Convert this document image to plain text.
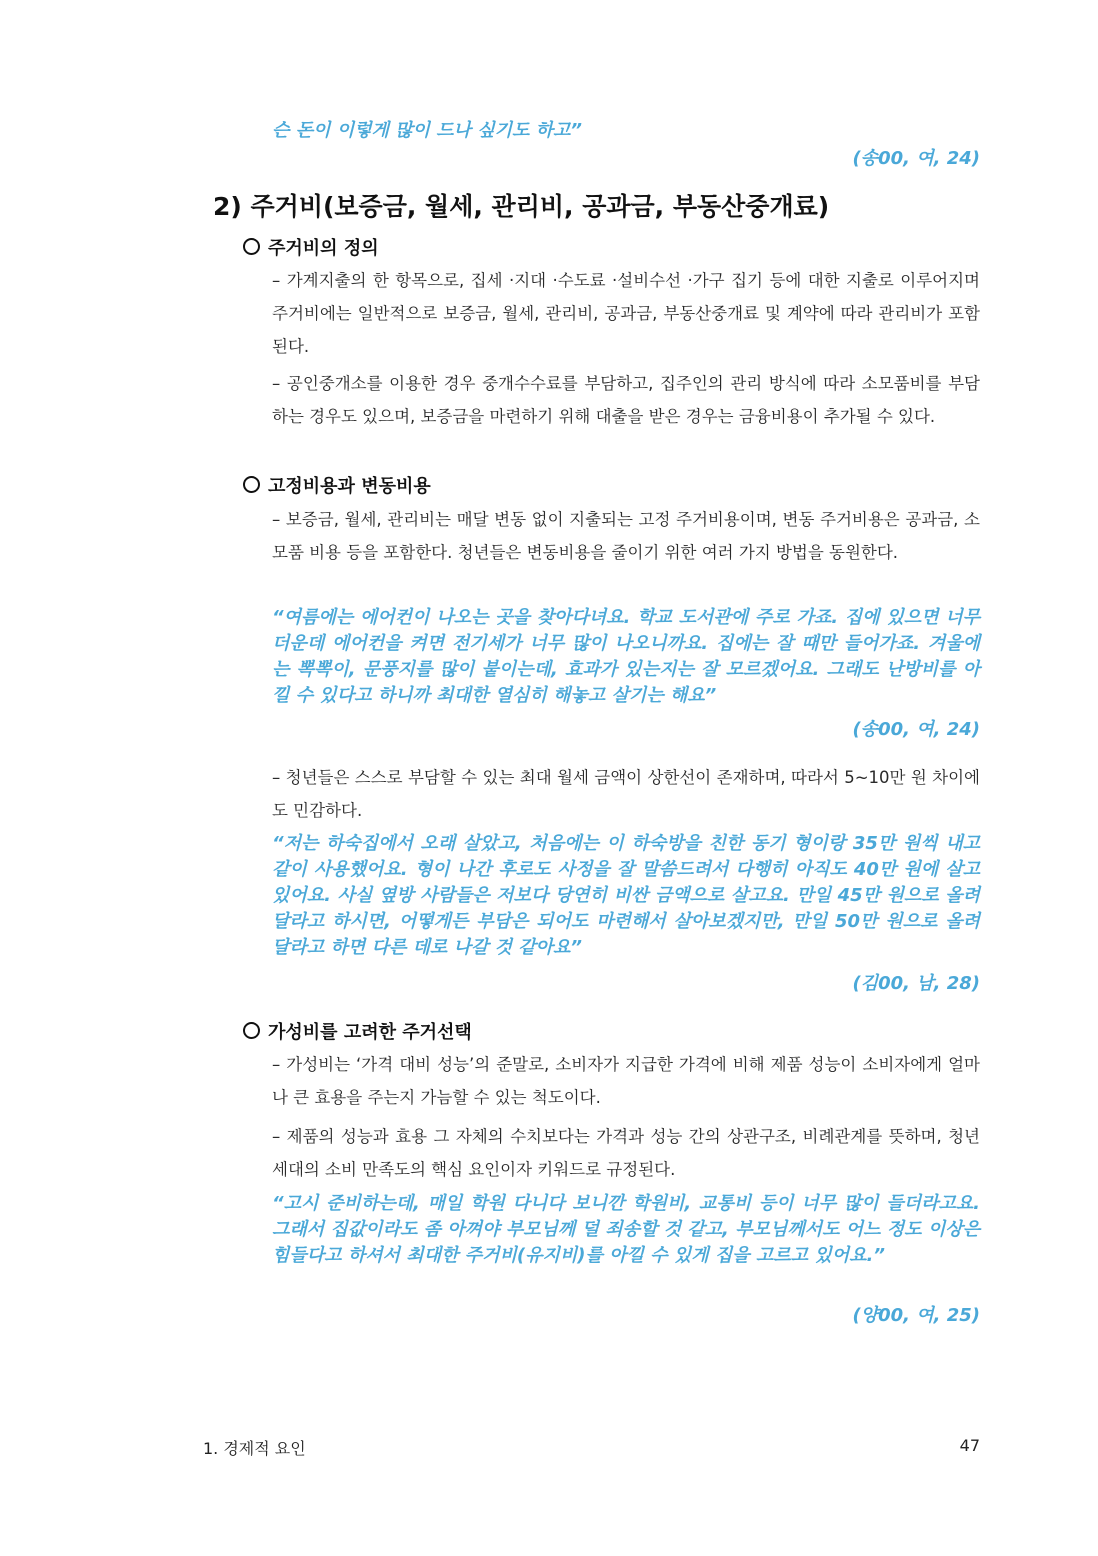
슨 돈이 이렇게 많이 드나 싶기도 하고”
(송00, 여, 24)
2) 주거비(보증금, 월세, 관리비, 공과금, 부동산중개료)
주거비의 정의
– 가계지출의 한 항목으로, 집세 ·지대 ·수도료 ·설비수선 ·가구 집기 등에 대한 지출로 이루어지며 주거비에는 일반적으로 보증금, 월세, 관리비, 공과금, 부동산중개료 및 계약에 따라 관리비가 포함된다.
– 공인중개소를 이용한 경우 중개수수료를 부담하고, 집주인의 관리 방식에 따라 소모품비를 부담하는 경우도 있으며, 보증금을 마련하기 위해 대출을 받은 경우는 금융비용이 추가될 수 있다.
고정비용과 변동비용
– 보증금, 월세, 관리비는 매달 변동 없이 지출되는 고정 주거비용이며, 변동 주거비용은 공과금, 소모품 비용 등을 포함한다. 청년들은 변동비용을 줄이기 위한 여러 가지 방법을 동원한다.
“여름에는 에어컨이 나오는 곳을 찾아다녀요. 학교 도서관에 주로 가죠. 집에 있으면 너무 더운데 에어컨을 켜면 전기세가 너무 많이 나오니까요. 집에는 잘 때만 들어가죠. 겨울에는 뽁뽁이, 문풍지를 많이 붙이는데, 효과가 있는지는 잘 모르겠어요. 그래도 난방비를 아낄 수 있다고 하니까 최대한 열심히 해놓고 살기는 해요”
(송00, 여, 24)
– 청년들은 스스로 부담할 수 있는 최대 월세 금액이 상한선이 존재하며, 따라서 5~10만 원 차이에도 민감하다.
“저는 하숙집에서 오래 살았고, 처음에는 이 하숙방을 친한 동기 형이랑 35만 원씩 내고 같이 사용했어요. 형이 나간 후로도 사정을 잘 말씀드려서 다행히 아직도 40만 원에 살고 있어요. 사실 옆방 사람들은 저보다 당연히 비싼 금액으로 살고요. 만일 45만 원으로 올려달라고 하시면, 어떻게든 부담은 되어도 마련해서 살아보겠지만, 만일 50만 원으로 올려달라고 하면 다른 데로 나갈 것 같아요”
(김00, 남, 28)
가성비를 고려한 주거선택
– 가성비는 ‘가격 대비 성능’의 준말로, 소비자가 지급한 가격에 비해 제품 성능이 소비자에게 얼마나 큰 효용을 주는지 가늠할 수 있는 척도이다.
– 제품의 성능과 효용 그 자체의 수치보다는 가격과 성능 간의 상관구조, 비례관계를 뜻하며, 청년세대의 소비 만족도의 핵심 요인이자 키워드로 규정된다.
“고시 준비하는데, 매일 학원 다니다 보니깐 학원비, 교통비 등이 너무 많이 들더라고요. 그래서 집값이라도 좀 아껴야 부모님께 덜 죄송할 것 같고, 부모님께서도 어느 정도 이상은 힘들다고 하셔서 최대한 주거비(유지비)를 아낄 수 있게 집을 고르고 있어요.”
(양00, 여, 25)
1. 경제적 요인	47
